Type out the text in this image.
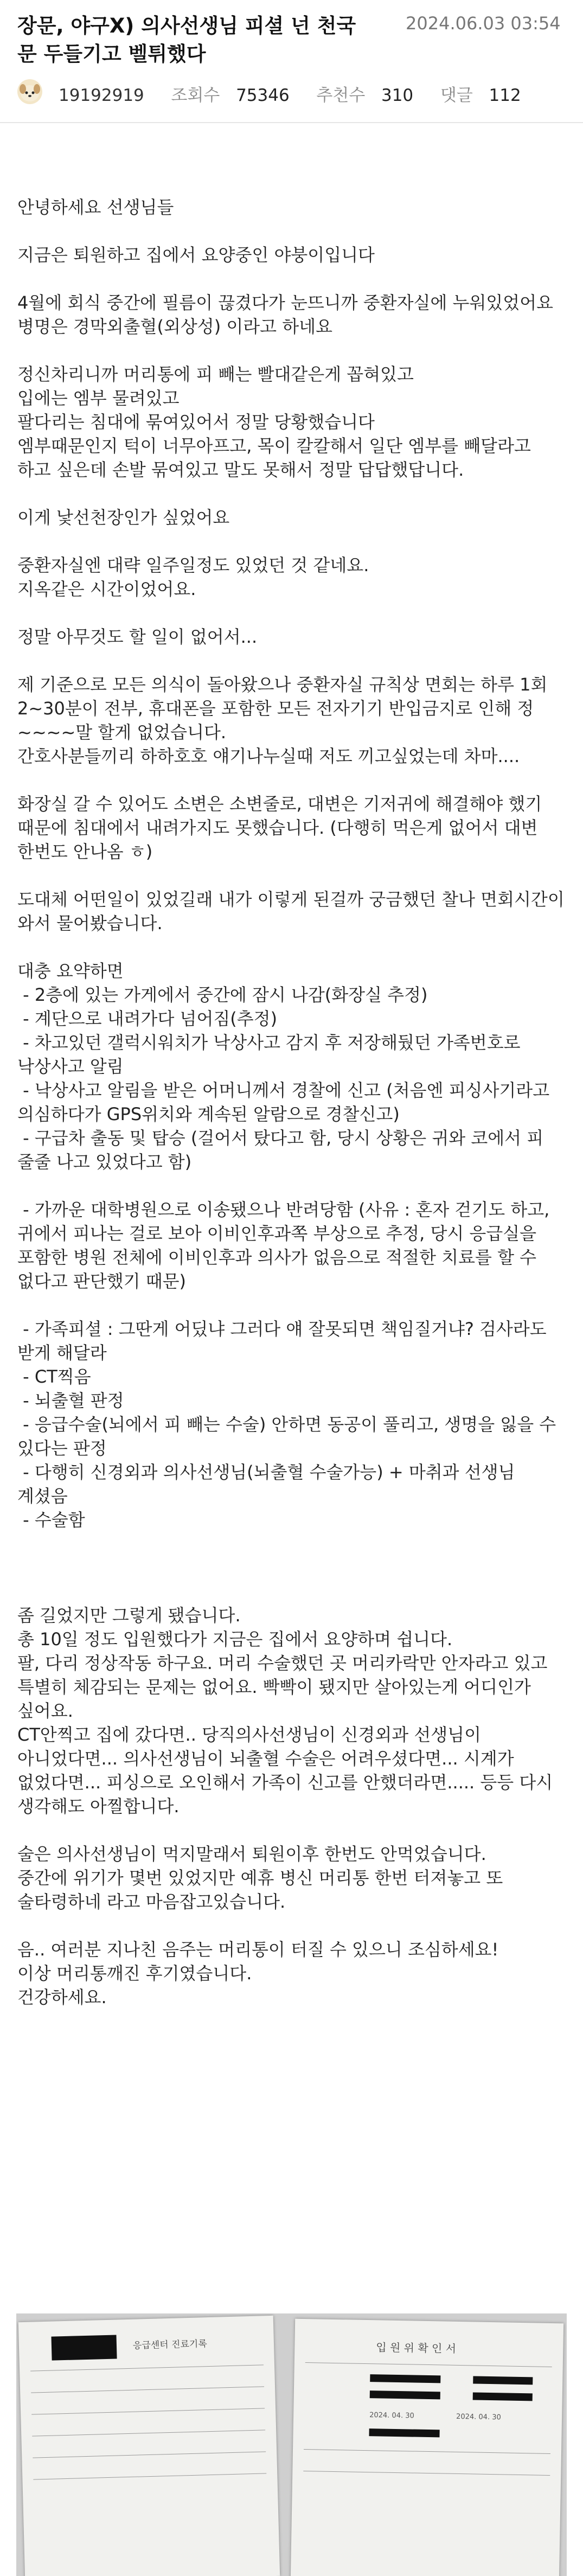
장문, 야구X) 의사선생님 피셜 넌 천국문 두들기고 벨튀했다
2024.06.03 03:54
19192919 조회수 75346 추천수 310 댓글 112

안녕하세요 선생님들

지금은 퇴원하고 집에서 요양중인 야붕이입니다

4월에 회식 중간에 필름이 끊겼다가 눈뜨니까 중환자실에 누워있었어요
병명은 경막외출혈(외상성) 이라고 하네요

정신차리니까 머리통에 피 빼는 빨대같은게 꼽혀있고
입에는 엠부 물려있고
팔다리는 침대에 묶여있어서 정말 당황했습니다
엠부때문인지 턱이 너무아프고, 목이 칼칼해서 일단 엠부를 빼달라고 하고 싶은데 손발 묶여있고 말도 못해서 정말 답답했답니다.

이게 낯선천장인가 싶었어요

중환자실엔 대략 일주일정도 있었던 것 같네요.
지옥같은 시간이었어요.

정말 아무것도 할 일이 없어서...

제 기준으로 모든 의식이 돌아왔으나 중환자실 규칙상 면회는 하루 1회 2~30분이 전부, 휴대폰을 포함한 모든 전자기기 반입금지로 인해 정~~~~말 할게 없었습니다.
간호사분들끼리 하하호호 얘기나누실때 저도 끼고싶었는데 차마....

화장실 갈 수 있어도 소변은 소변줄로, 대변은 기저귀에 해결해야 했기 때문에 침대에서 내려가지도 못했습니다. (다행히 먹은게 없어서 대변 한번도 안나옴 ㅎ)

도대체 어떤일이 있었길래 내가 이렇게 된걸까 궁금했던 찰나 면회시간이 와서 물어봤습니다.

대충 요약하면
- 2층에 있는 가게에서 중간에 잠시 나감(화장실 추정)
- 계단으로 내려가다 넘어짐(추정)
- 차고있던 갤럭시워치가 낙상사고 감지 후 저장해뒀던 가족번호로 낙상사고 알림
- 낙상사고 알림을 받은 어머니께서 경찰에 신고 (처음엔 피싱사기라고 의심하다가 GPS위치와 계속된 알람으로 경찰신고)
- 구급차 출동 및 탑승 (걸어서 탔다고 함, 당시 상황은 귀와 코에서 피 줄줄 나고 있었다고 함)

- 가까운 대학병원으로 이송됐으나 반려당함 (사유 : 혼자 걷기도 하고, 귀에서 피나는 걸로 보아 이비인후과쪽 부상으로 추정, 당시 응급실을 포함한 병원 전체에 이비인후과 의사가 없음으로 적절한 치료를 할 수 없다고 판단했기 때문)

- 가족피셜 : 그딴게 어딨냐 그러다 얘 잘못되면 책임질거냐? 검사라도 받게 해달라
- CT찍음
- 뇌출혈 판정
- 응급수술(뇌에서 피 빼는 수술) 안하면 동공이 풀리고, 생명을 잃을 수 있다는 판정
- 다행히 신경외과 의사선생님(뇌출혈 수술가능) + 마취과 선생님 계셨음
- 수술함

좀 길었지만 그렇게 됐습니다.
총 10일 정도 입원했다가 지금은 집에서 요양하며 쉽니다.
팔, 다리 정상작동 하구요. 머리 수술했던 곳 머리카락만 안자라고 있고 특별히 체감되는 문제는 없어요. 빡빡이 됐지만 살아있는게 어디인가 싶어요.
CT안찍고 집에 갔다면.. 당직의사선생님이 신경외과 선생님이 아니었다면... 의사선생님이 뇌출혈 수술은 어려우셨다면... 시계가 없었다면... 피싱으로 오인해서 가족이 신고를 안했더라면..... 등등 다시 생각해도 아찔합니다.

술은 의사선생님이 먹지말래서 퇴원이후 한번도 안먹었습니다.
중간에 위기가 몇번 있었지만 예휴 병신 머리통 한번 터져놓고 또 술타령하네 라고 마음잡고있습니다.

음.. 여러분 지나친 음주는 머리통이 터질 수 있으니 조심하세요!
이상 머리통깨진 후기였습니다.
건강하세요.

응급센터 진료기록	입 원 위 확 인 서
2024. 04. 30	2024. 04. 30
